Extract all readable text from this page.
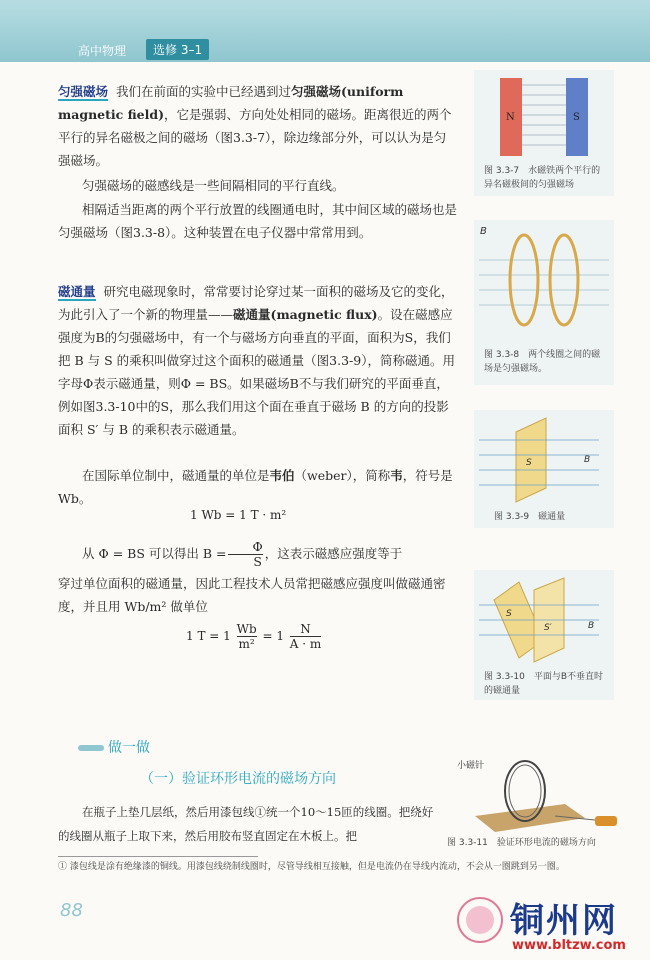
高中物理	选修 3–1

匀强磁场 我们在前面的实验中已经遇到过匀强磁场(uniform magnetic field)，它是强弱、方向处处相同的磁场。距离很近的两个平行的异名磁极之间的磁场（图3.3-7），除边缘部分外，可以认为是匀强磁场。

匀强磁场的磁感线是一些间隔相同的平行直线。

相隔适当距离的两个平行放置的线圈通电时，其中间区域的磁场也是匀强磁场（图3.3-8）。这种装置在电子仪器中常常用到。

磁通量 研究电磁现象时，常常要讨论穿过某一面积的磁场及它的变化，为此引入了一个新的物理量——磁通量(magnetic flux)。设在磁感应强度为B的匀强磁场中，有一个与磁场方向垂直的平面，面积为S，我们把 B 与 S 的乘积叫做穿过这个面积的磁通量（图3.3-9），简称磁通。用字母Φ表示磁通量，则Φ = BS。如果磁场B不与我们研究的平面垂直，例如图3.3-10中的S，那么我们用这个面在垂直于磁场 B 的方向的投影面积 S′ 与 B 的乘积表示磁通量。

在国际单位制中，磁通量的单位是韦伯（weber），简称韦，符号是 Wb。

1 Wb = 1 T · m²

从 Φ = BS 可以得出 $B = \frac{\Phi}{S}$ ，这表示磁感应强度等于

穿过单位面积的磁通量，因此工程技术人员常把磁感应强度叫做磁通密度，并且用 Wb/m² 做单位

1 $T = 1 \frac{Wb}{\text{m²}} = 1 \frac{N}{A \cdot m}$
N	S
图 3.3-7　水磁铁两个平行的异名磁极间的匀强磁场
B
图 3.3-8　两个线圈之间的磁场是匀强磁场。
S	B
图 3.3-9　磁通量
S
S′	B
图 3.3-10　平面与B不垂直时的磁通量
做一做
（一）验证环形电流的磁场方向

在瓶子上垫几层纸，然后用漆包线①统一个10～15匝的线圈。把绕好的线圈从瓶子上取下来，然后用胶布竖直固定在木板上。把

小磁针
图 3.3-11　验证环形电流的磁场方向
① 漆包线是涂有绝缘漆的铜线。用漆包线绕制线圈时，尽管导线相互接触，但是电流仍在导线内流动，不会从一圈跳到另一圈。
88	铜州网
www.bltzw.com
